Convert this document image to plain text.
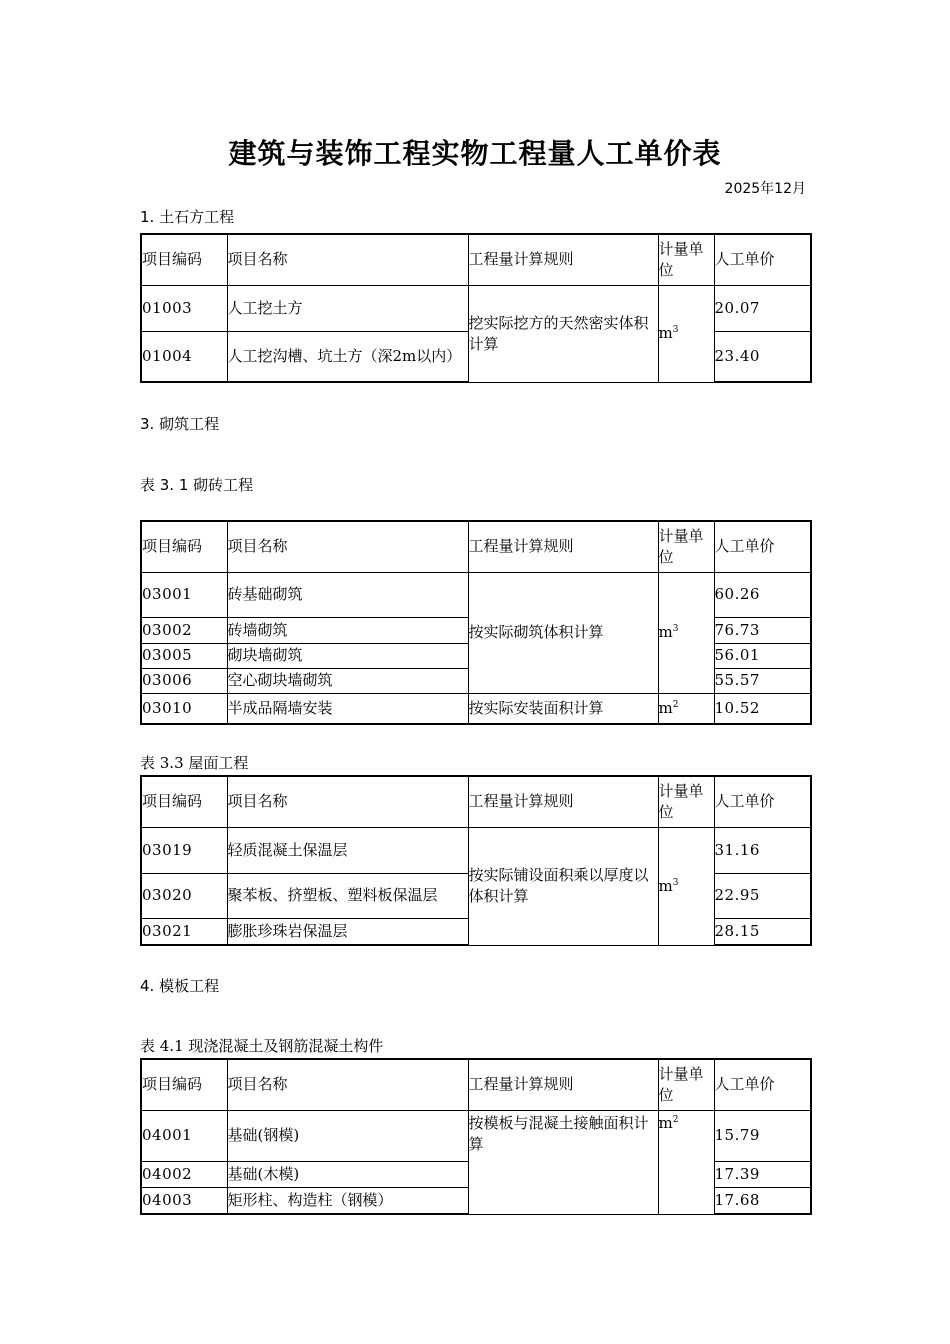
建筑与装饰工程实物工程量人工单价表
2025年12月
1. 土石方工程
项目编码	项目名称	工程量计算规则	计量单位	人工单价
01003	人工挖土方	挖实际挖方的天然密实体积计算	$m^3$	20.07
01004	人工挖沟槽、坑土方（深2m以内）			23.40
3. 砌筑工程
表 3. 1 砌砖工程
项目编码	项目名称	工程量计算规则	计量单位	人工单价
03001	砖基础砌筑	按实际砌筑体积计算	$m^3$	60.26
03002	砖墙砌筑			76.73
03005	砌块墙砌筑			56.01
03006	空心砌块墙砌筑			55.57
03010	半成品隔墙安装	按实际安装面积计算	$m^2$	10.52
表 3.3 屋面工程
项目编码	项目名称	工程量计算规则	计量单位	人工单价
03019	轻质混凝土保温层	按实际铺设面积乘以厚度以体积计算	$m^3$	31.16
03020	聚苯板、挤塑板、塑料板保温层			22.95
03021	膨胀珍珠岩保温层			28.15
4. 模板工程
表 4.1 现浇混凝土及钢筋混凝土构件
项目编码	项目名称	工程量计算规则	计量单位	人工单价
04001	基础(钢模)	按模板与混凝土接触面积计算	$m^2$	15.79
04002	基础(木模)			17.39
04003	矩形柱、构造柱（钢模）			17.68
